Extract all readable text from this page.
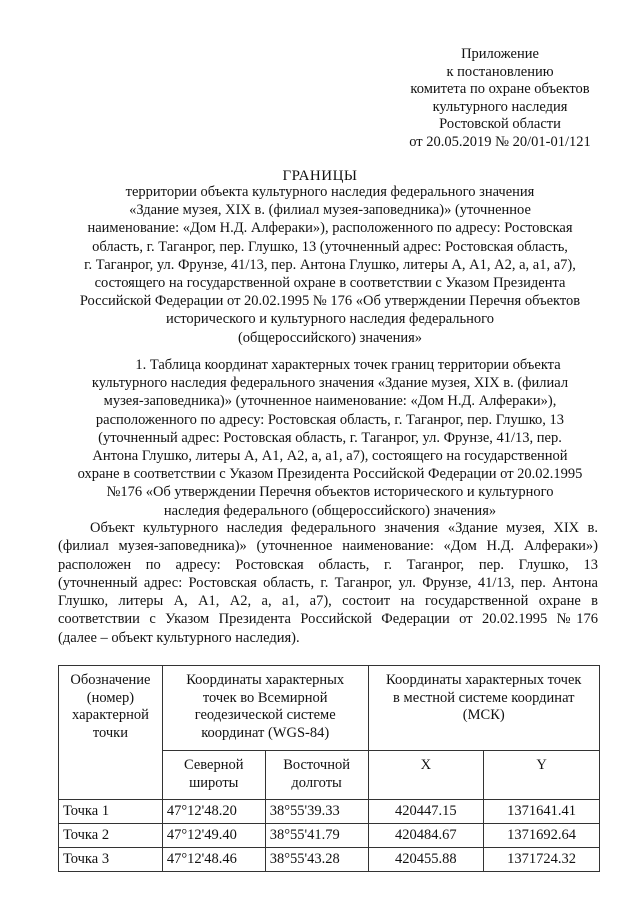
Приложение
к постановлению
комитета по охране объектов
культурного наследия
Ростовской области
от 20.05.2019 № 20/01-01/121
ГРАНИЦЫ
территории объекта культурного наследия федерального значения
«Здание музея, XIX в. (филиал музея-заповедника)» (уточненное
наименование: «Дом Н.Д. Алфераки»), расположенного по адресу: Ростовская
область, г. Таганрог, пер. Глушко, 13 (уточненный адрес: Ростовская область,
г. Таганрог, ул. Фрунзе, 41/13, пер. Антона Глушко, литеры А, А1, А2, а, а1, а7),
состоящего на государственной охране в соответствии с Указом Президента
Российской Федерации от 20.02.1995 № 176 «Об утверждении Перечня объектов
исторического и культурного наследия федерального
(общероссийского) значения»
1. Таблица координат характерных точек границ территории объекта
культурного наследия федерального значения «Здание музея, XIX в. (филиал
музея-заповедника)» (уточненное наименование: «Дом Н.Д. Алфераки»),
расположенного по адресу: Ростовская область, г. Таганрог, пер. Глушко, 13
(уточненный адрес: Ростовская область, г. Таганрог, ул. Фрунзе, 41/13, пер.
Антона Глушко, литеры А, А1, А2, а, а1, а7), состоящего на государственной
охране в соответствии с Указом Президента Российской Федерации от 20.02.1995
№176 «Об утверждении Перечня объектов исторического и культурного
наследия федерального (общероссийского) значения»
Объект культурного наследия федерального значения «Здание музея, XIX в.
(филиал музея-заповедника)» (уточненное наименование: «Дом Н.Д. Алфераки»)
расположен по адресу: Ростовская область, г. Таганрог, пер. Глушко, 13
(уточненный адрес: Ростовская область, г. Таганрог, ул. Фрунзе, 41/13, пер. Антона
Глушко, литеры А, А1, А2, а, а1, а7), состоит на государственной охране в
соответствии с Указом Президента Российской Федерации от 20.02.1995 №176
(далее – объект культурного наследия).
Обозначение (номер) характерной точки	Координаты характерных точек во Всемирной геодезической системе координат (WGS-84)		Координаты характерных точек в местной системе координат (МСК)	
	Северной широты	Восточной долготы	X	Y
Точка 1	47°12'48.20	38°55'39.33	420447.15	1371641.41
Точка 2	47°12'49.40	38°55'41.79	420484.67	1371692.64
Точка 3	47°12'48.46	38°55'43.28	420455.88	1371724.32
